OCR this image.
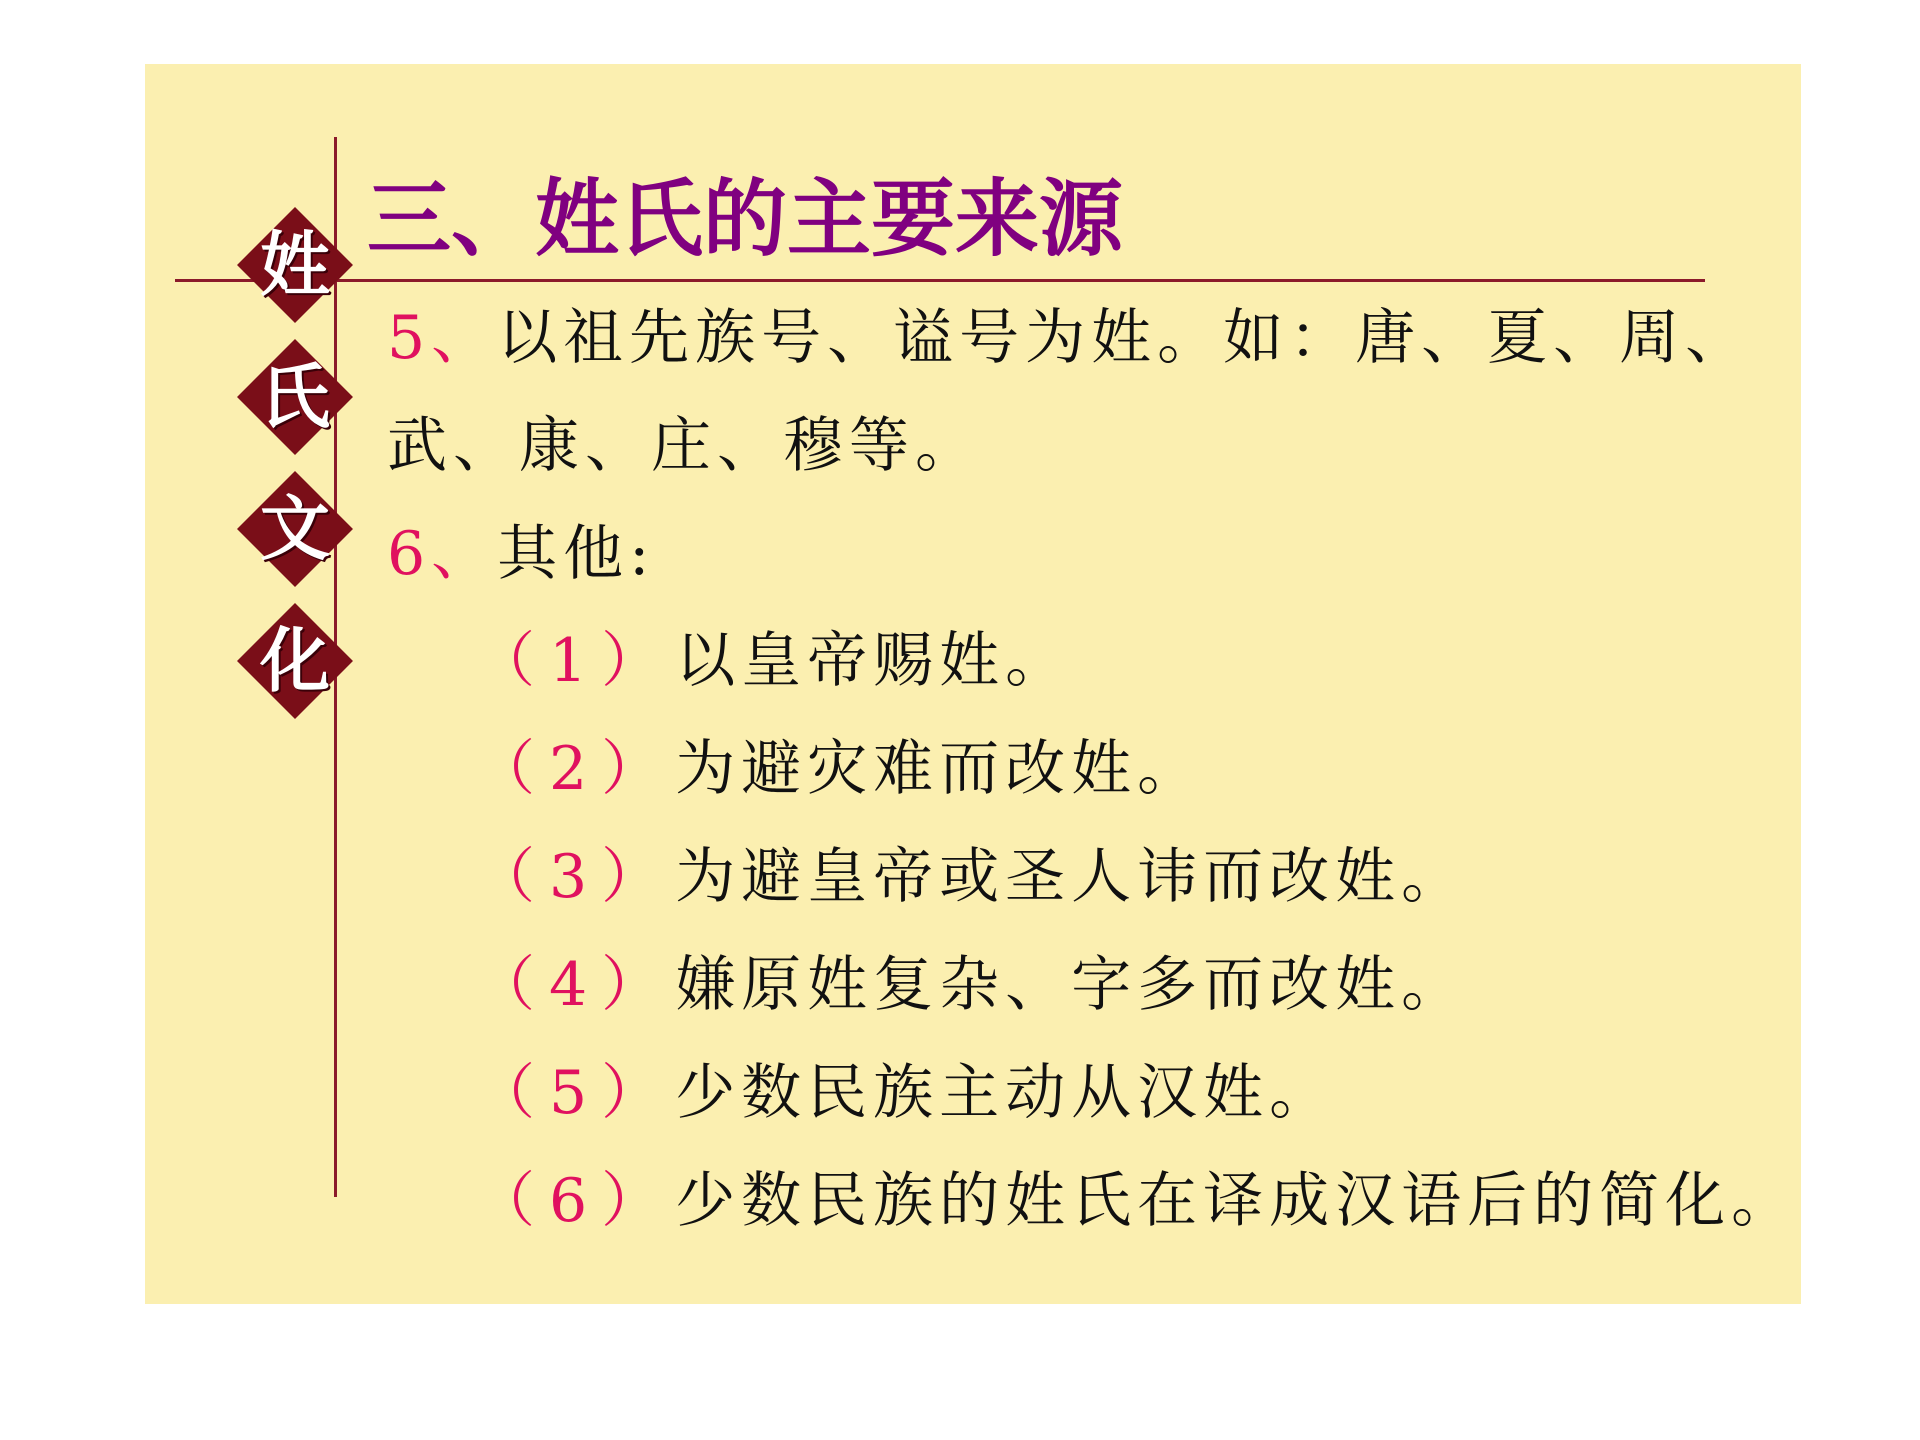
三、姓氏的主要来源
姓
氏
文
化
5、以祖先族号、谥号为姓。如：唐、夏、周、
武、康、庄、穆等。
6、其他:
（1）以皇帝赐姓。
（2）为避灾难而改姓。
（3）为避皇帝或圣人讳而改姓。
（4）嫌原姓复杂、字多而改姓。
（5）少数民族主动从汉姓。
（6）少数民族的姓氏在译成汉语后的简化。
